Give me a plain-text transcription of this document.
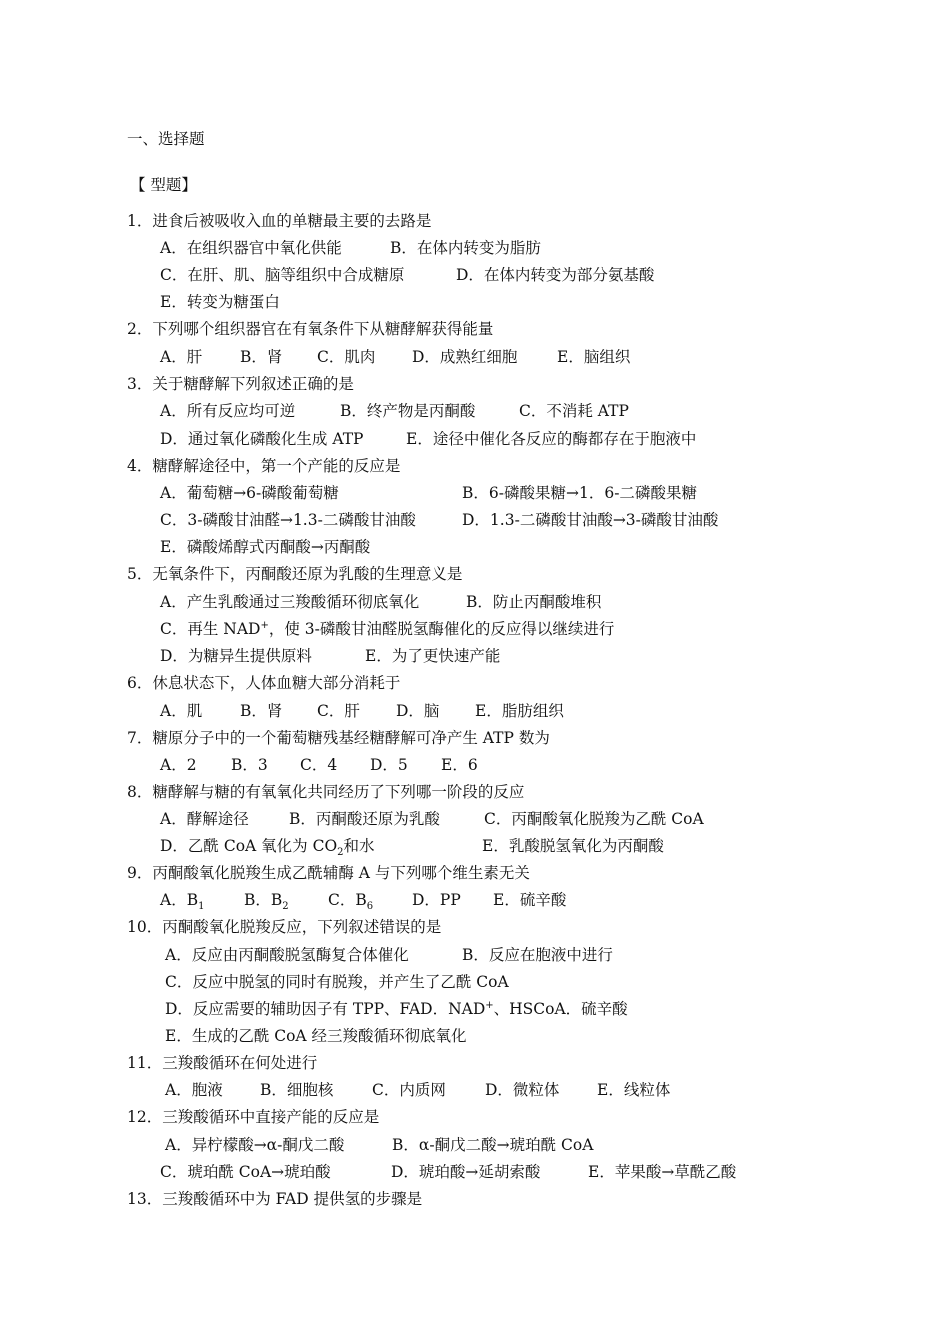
一、选择题
【 型题】
1．进食后被吸收入血的单糖最主要的去路是
A．在组织器官中氧化供能	B．在体内转变为脂肪
C．在肝、肌、脑等组织中合成糖原	D．在体内转变为部分氨基酸
E．转变为糖蛋白
2．下列哪个组织器官在有氧条件下从糖酵解获得能量
A．肝 B．肾 C．肌肉 D．成熟红细胞	E．脑组织
3．关于糖酵解下列叙述正确的是
A．所有反应均可逆	B．终产物是丙酮酸	C．不消耗 ATP
D．通过氧化磷酸化生成 ATP	E．途径中催化各反应的酶都存在于胞液中
4．糖酵解途径中，第一个产能的反应是
A．葡萄糖→6-磷酸葡萄糖	B．6-磷酸果糖→1．6-二磷酸果糖
C．3-磷酸甘油醛→1.3-二磷酸甘油酸	D．1.3-二磷酸甘油酸→3-磷酸甘油酸
E．磷酸烯醇式丙酮酸→丙酮酸
5．无氧条件下，丙酮酸还原为乳酸的生理意义是
A．产生乳酸通过三羧酸循环彻底氧化	B．防止丙酮酸堆积
C．再生 NAD+，使 3-磷酸甘油醛脱氢酶催化的反应得以继续进行
D．为糖异生提供原料	E．为了更快速产能
6．休息状态下，人体血糖大部分消耗于
A．肌 B．肾 C．肝 D．脑 E．脂肪组织
7．糖原分子中的一个葡萄糖残基经糖酵解可净产生 ATP 数为
A．2 B．3 C．4 D．5 E．6
8．糖酵解与糖的有氧氧化共同经历了下列哪一阶段的反应
A．酵解途径	B．丙酮酸还原为乳酸	C．丙酮酸氧化脱羧为乙酰 CoA
D．乙酰 CoA 氧化为 $CO_2$和水	E．乳酸脱氢氧化为丙酮酸
9．丙酮酸氧化脱羧生成乙酰辅酶 A 与下列哪个维生素无关
A．$B_1$	B．$B_2$	C．$B_6$	D．PP E．硫辛酸
10．丙酮酸氧化脱羧反应，下列叙述错误的是
A．反应由丙酮酸脱氢酶复合体催化	B．反应在胞液中进行
C．反应中脱氢的同时有脱羧，并产生了乙酰 CoA
D．反应需要的辅助因子有 TPP、FAD．NAD+、HSCoA．硫辛酸
E．生成的乙酰 CoA 经三羧酸循环彻底氧化
11．三羧酸循环在何处进行
A．胞液 B．细胞核 C．内质网	D．微粒体 E．线粒体
12．三羧酸循环中直接产能的反应是
A．异柠檬酸→α-酮戊二酸	B．α-酮戊二酸→琥珀酰 CoA
C．琥珀酰 CoA→琥珀酸	D．琥珀酸→延胡索酸	E．苹果酸→草酰乙酸
13．三羧酸循环中为 FAD 提供氢的步骤是
